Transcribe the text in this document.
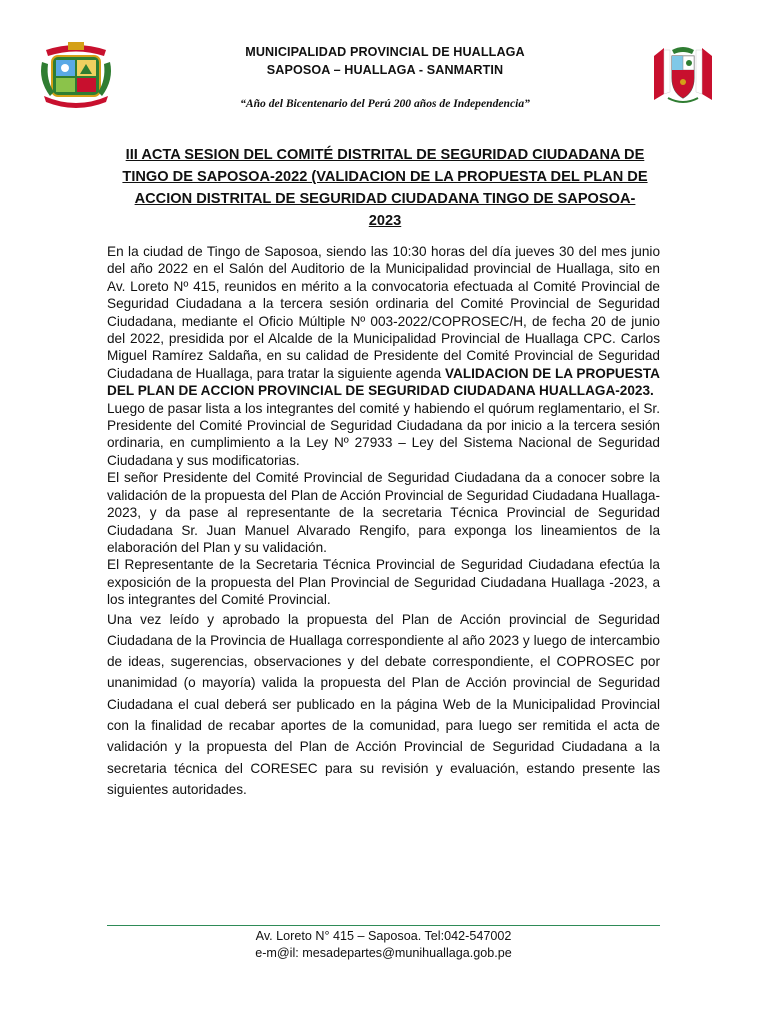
MUNICIPALIDAD PROVINCIAL DE HUALLAGA
SAPOSOA – HUALLAGA - SANMARTIN
“Año del Bicentenario del Perú 200 años de Independencia”
III ACTA SESION DEL COMITÉ DISTRITAL DE SEGURIDAD CIUDADANA DE TINGO DE SAPOSOA-2022 (VALIDACION DE LA PROPUESTA DEL PLAN DE ACCION DISTRITAL DE SEGURIDAD CIUDADANA TINGO DE SAPOSOA-2023

En la ciudad de Tingo de Saposoa, siendo las 10:30 horas del día jueves 30 del mes junio del año 2022 en el Salón del Auditorio de la Municipalidad provincial de Huallaga, sito en Av. Loreto Nº 415, reunidos en mérito a la convocatoria efectuada al Comité Provincial de Seguridad Ciudadana a la tercera sesión ordinaria del Comité Provincial de Seguridad Ciudadana, mediante el Oficio Múltiple Nº 003-2022/COPROSEC/H, de fecha 20 de junio del 2022, presidida por el Alcalde de la Municipalidad Provincial de Huallaga CPC. Carlos Miguel Ramírez Saldaña, en su calidad de Presidente del Comité Provincial de Seguridad Ciudadana de Huallaga, para tratar la siguiente agenda VALIDACION DE LA PROPUESTA DEL PLAN DE ACCION PROVINCIAL DE SEGURIDAD CIUDADANA HUALLAGA-2023.

Luego de pasar lista a los integrantes del comité y habiendo el quórum reglamentario, el Sr. Presidente del Comité Provincial de Seguridad Ciudadana da por inicio a la tercera sesión ordinaria, en cumplimiento a la Ley Nº 27933 – Ley del Sistema Nacional de Seguridad Ciudadana y sus modificatorias.

El señor Presidente del Comité Provincial de Seguridad Ciudadana da a conocer sobre la validación de la propuesta del Plan de Acción Provincial de Seguridad Ciudadana Huallaga-2023, y da pase al representante de la secretaria Técnica Provincial de Seguridad Ciudadana Sr. Juan Manuel Alvarado Rengifo, para exponga los lineamientos de la elaboración del Plan y su validación.

El Representante de la Secretaria Técnica Provincial de Seguridad Ciudadana efectúa la exposición de la propuesta del Plan Provincial de Seguridad Ciudadana Huallaga -2023, a los integrantes del Comité Provincial.

Una vez leído y aprobado la propuesta del Plan de Acción provincial de Seguridad Ciudadana de la Provincia de Huallaga correspondiente al año 2023 y luego de intercambio de ideas, sugerencias, observaciones y del debate correspondiente, el COPROSEC por unanimidad (o mayoría) valida la propuesta del Plan de Acción provincial de Seguridad Ciudadana el cual deberá ser publicado en la página Web de la Municipalidad Provincial con la finalidad de recabar aportes de la comunidad, para luego ser remitida el acta de validación y la propuesta del Plan de Acción Provincial de Seguridad Ciudadana a la secretaria técnica del CORESEC para su revisión y evaluación, estando presente las siguientes autoridades.

Av. Loreto N° 415 – Saposoa. Tel:042-547002
e-m@il: mesadepartes@munihuallaga.gob.pe
